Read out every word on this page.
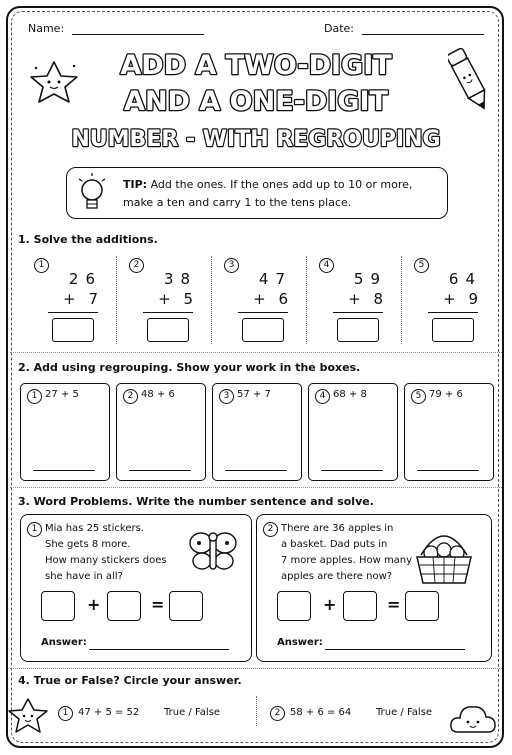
Name:	Date:
ADD A TWO-DIGIT
AND A ONE-DIGIT
NUMBER - WITH REGROUPING
TIP: Add the ones. If the ones add up to 10 or more,
make a ten and carry 1 to the tens place.
1. Solve the additions.
1
26
+ 7
2
38
+ 5
3
47
+ 6
4
59
+ 8
5
64
+ 9
2. Add using regrouping. Show your work in the boxes.
1 27 + 5	2 48 + 6	3 57 + 7	4 68 + 8	5 79 + 6
3. Word Problems. Write the number sentence and solve.
1 Mia has 25 stickers.
She gets 8 more.
How many stickers does
she have in all?
+	=
Answer:
2 There are 36 apples in
a basket. Dad puts in
7 more apples. How many
apples are there now?
+	=
Answer:
4. True or False? Circle your answer.
1 47 + 5 = 52 True / False	2 58 + 6 = 64 True / False
